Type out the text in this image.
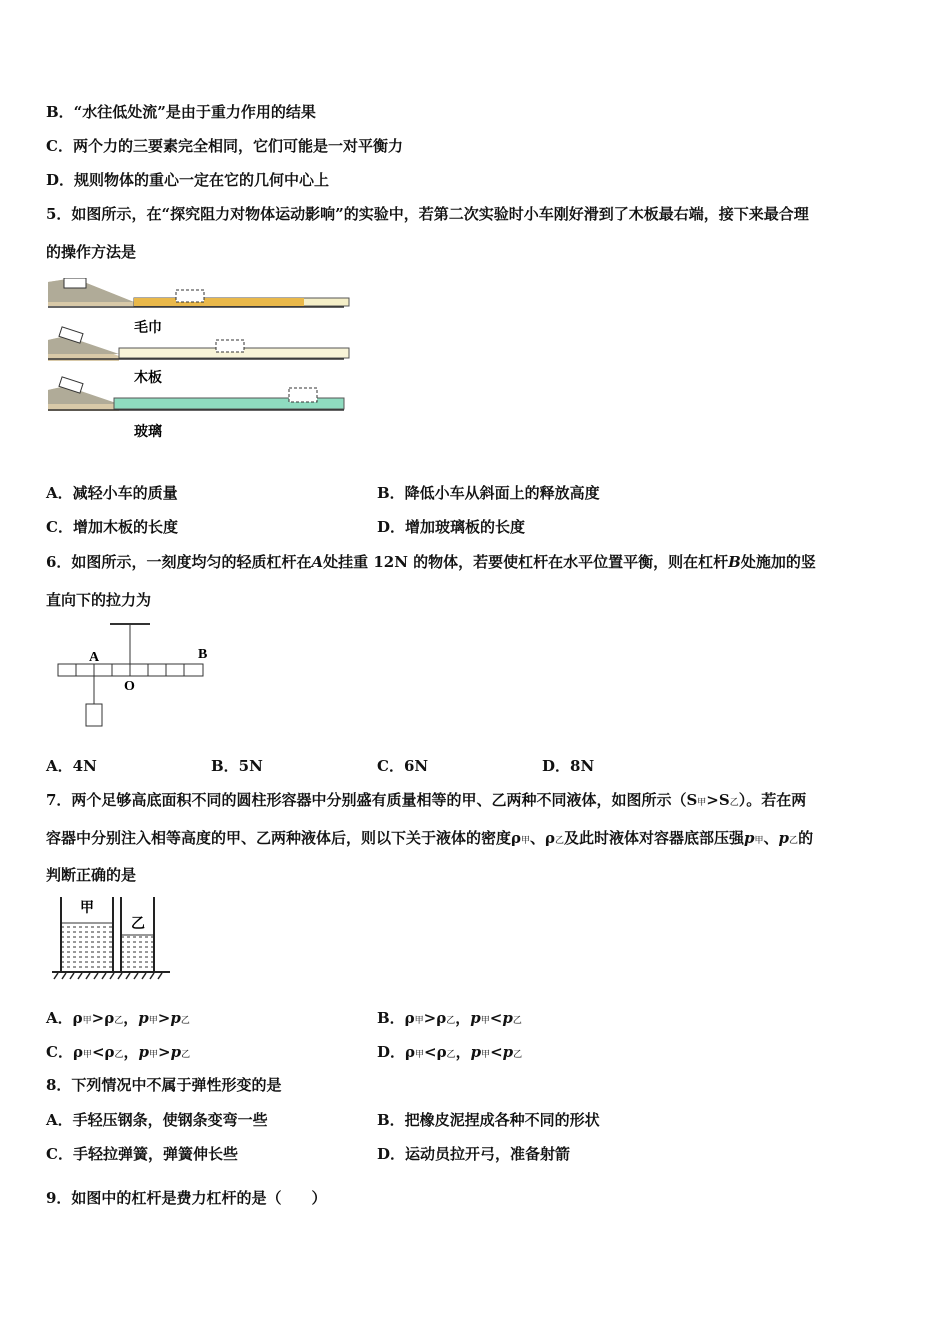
B．“水往低处流”是由于重力作用的结果
C．两个力的三要素完全相同，它们可能是一对平衡力
D．规则物体的重心一定在它的几何中心上
5．如图所示，在“探究阻力对物体运动影响”的实验中，若第二次实验时小车刚好滑到了木板最右端，接下来最合理
的操作方法是
毛巾
木板
玻璃
A．减轻小车的质量	B．降低小车从斜面上的释放高度
C．增加木板的长度	D．增加玻璃板的长度
6．如图所示，一刻度均匀的轻质杠杆在A处挂重 12N 的物体，若要使杠杆在水平位置平衡，则在杠杆B处施加的竖
直向下的拉力为
A	B
O
A．4N	B．5N	C．6N	D．8N
7．两个足够高底面积不同的圆柱形容器中分别盛有质量相等的甲、乙两种不同液体，如图所示（S甲>S乙）。若在两
容器中分别注入相等高度的甲、乙两种液体后，则以下关于液体的密度ρ甲、ρ乙及此时液体对容器底部压强p甲、p乙的
判断正确的是
甲
乙
A．ρ甲>ρ乙，p甲>p乙	B．ρ甲>ρ乙，p甲<p乙
C．ρ甲<ρ乙，p甲>p乙	D．ρ甲<ρ乙，p甲<p乙
8．下列情况中不属于弹性形变的是
A．手轻压钢条，使钢条变弯一些	B．把橡皮泥捏成各种不同的形状
C．手轻拉弹簧，弹簧伸长些	D．运动员拉开弓，准备射箭
9．如图中的杠杆是费力杠杆的是（　　）
